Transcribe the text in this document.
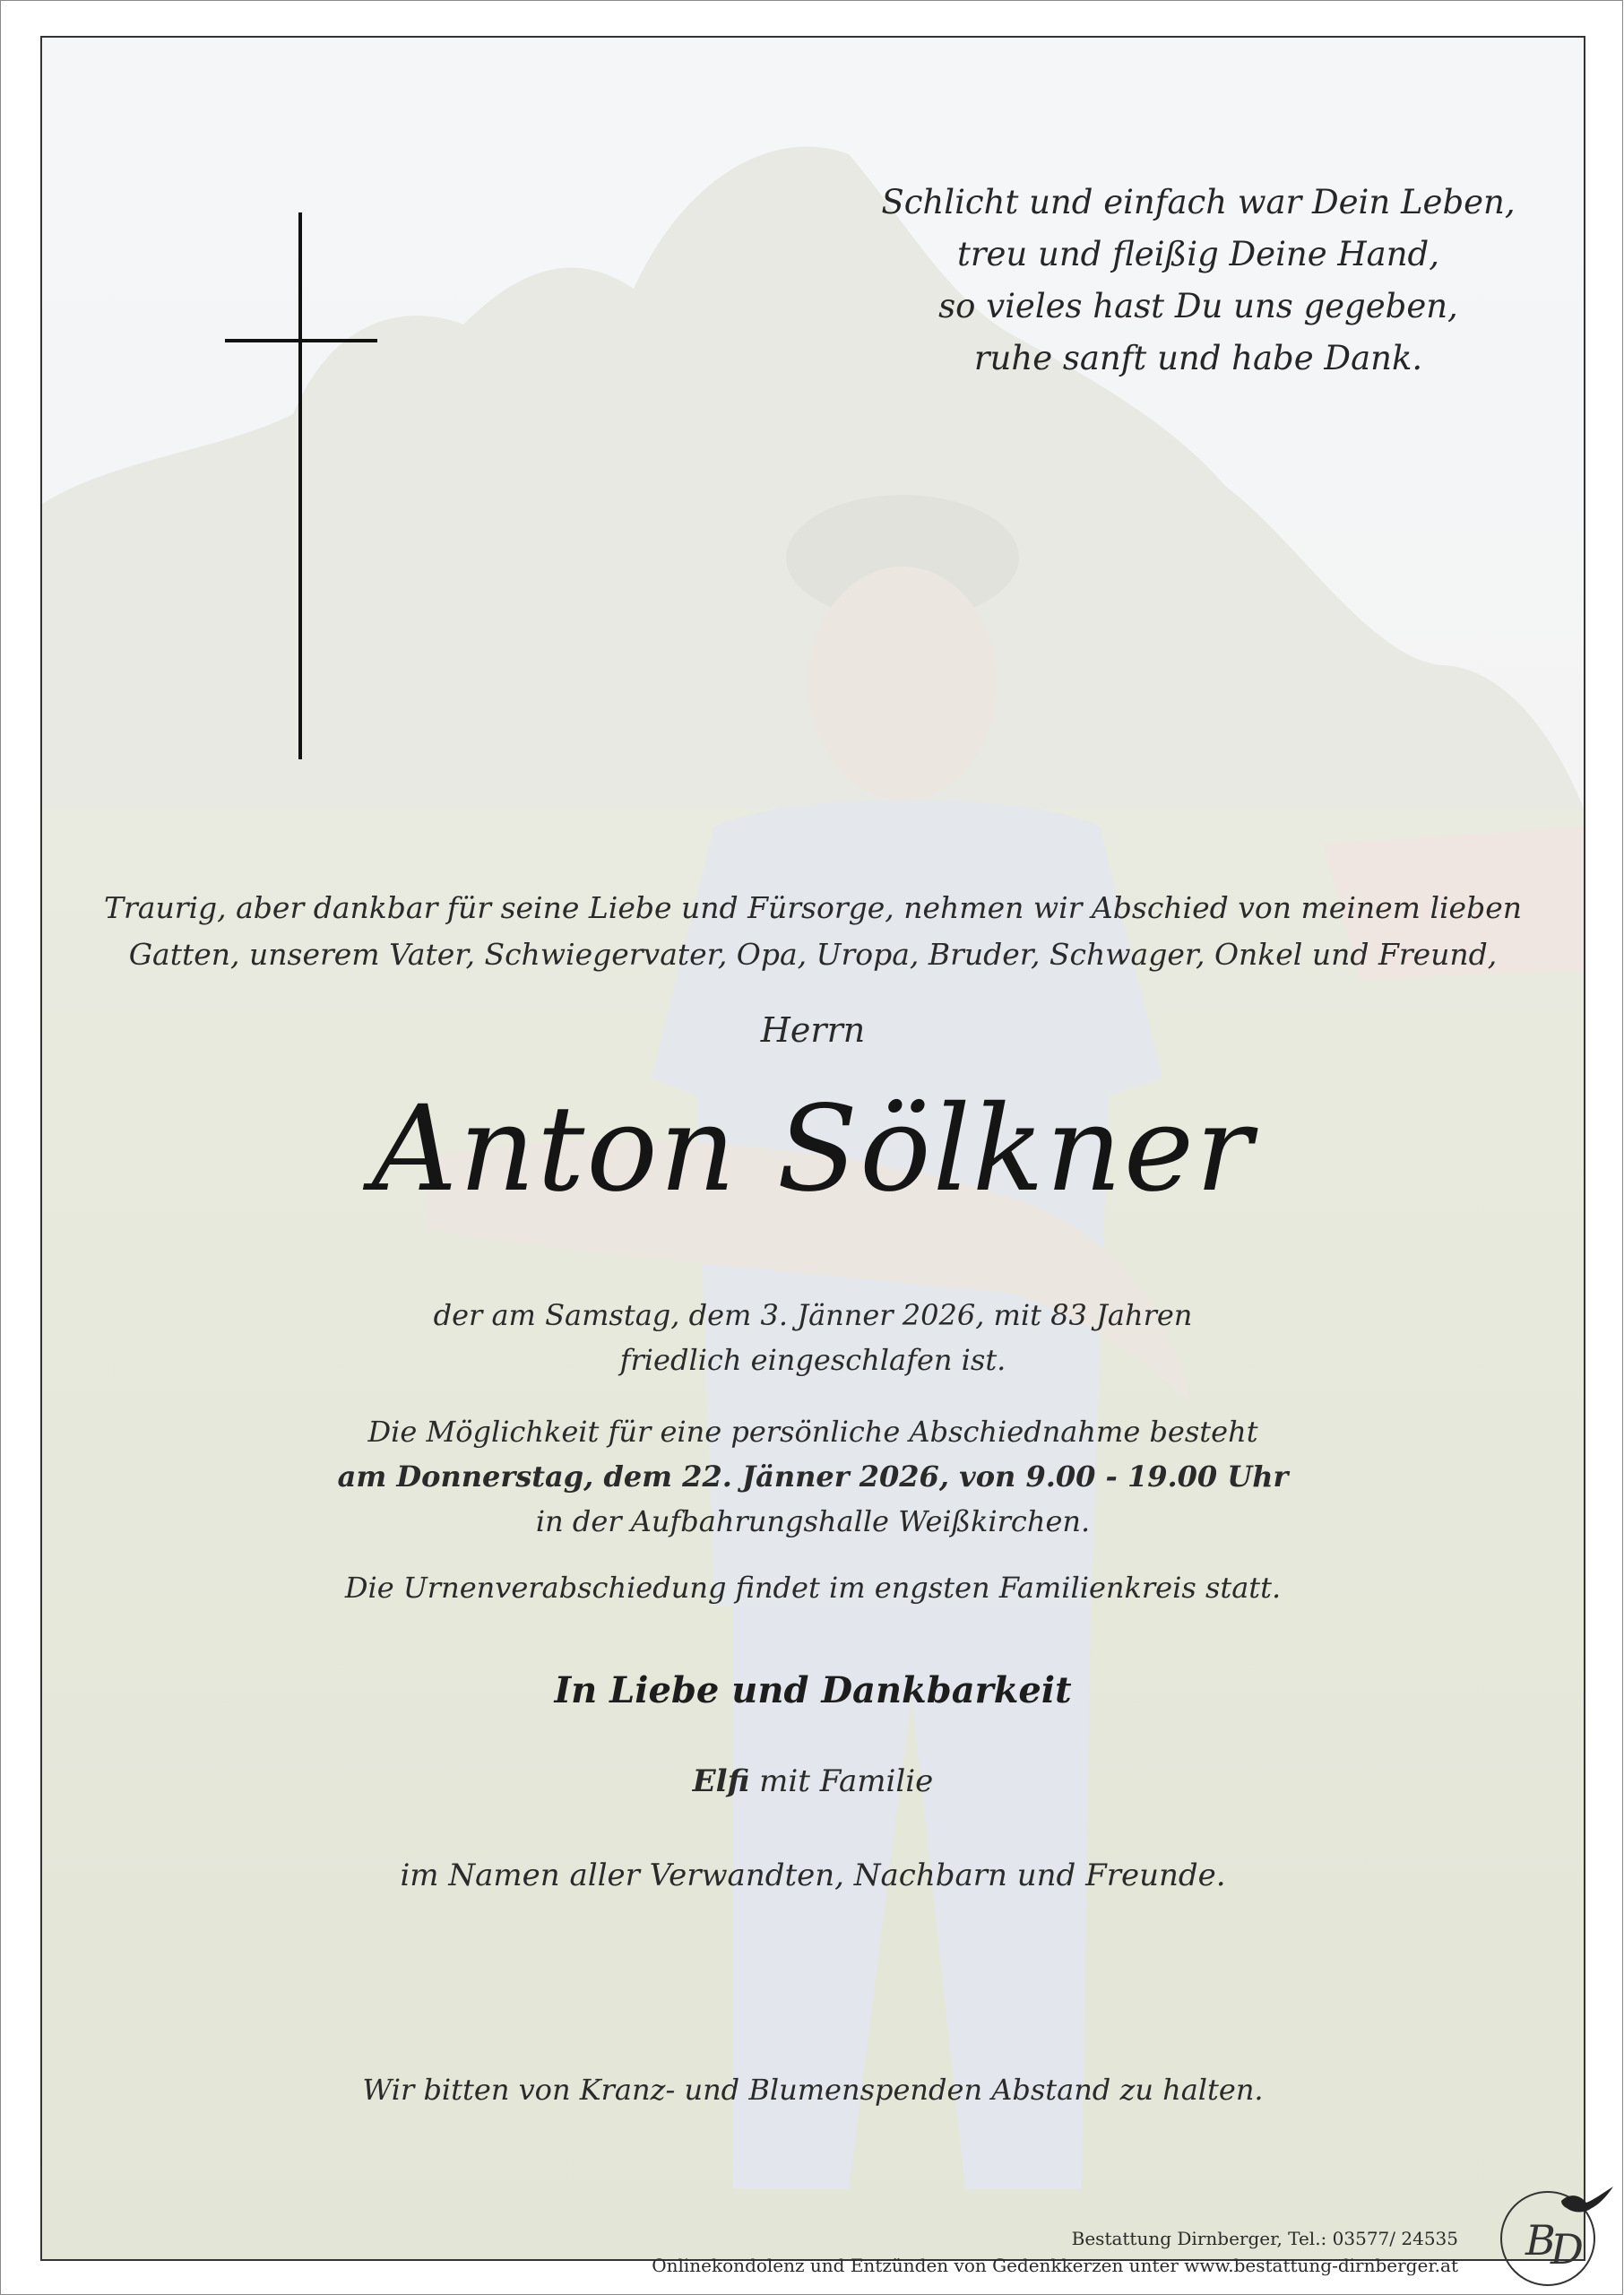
Schlicht und einfach war Dein Leben,
treu und fleißig Deine Hand,
so vieles hast Du uns gegeben,
ruhe sanft und habe Dank.
Traurig, aber dankbar für seine Liebe und Fürsorge, nehmen wir Abschied von meinem lieben
Gatten, unserem Vater, Schwiegervater, Opa, Uropa, Bruder, Schwager, Onkel und Freund,
Herrn
Anton Sölkner
der am Samstag, dem 3. Jänner 2026, mit 83 Jahren
friedlich eingeschlafen ist.
Die Möglichkeit für eine persönliche Abschiednahme besteht
am Donnerstag, dem 22. Jänner 2026, von 9.00 - 19.00 Uhr
in der Aufbahrungshalle Weißkirchen.
Die Urnenverabschiedung findet im engsten Familienkreis statt.
In Liebe und Dankbarkeit
Elfi mit Familie
im Namen aller Verwandten, Nachbarn und Freunde.
Wir bitten von Kranz- und Blumenspenden Abstand zu halten.
Bestattung Dirnberger, Tel.: 03577/ 24535
Onlinekondolenz und Entzünden von Gedenkkerzen unter www.bestattung-dirnberger.at
B
D
